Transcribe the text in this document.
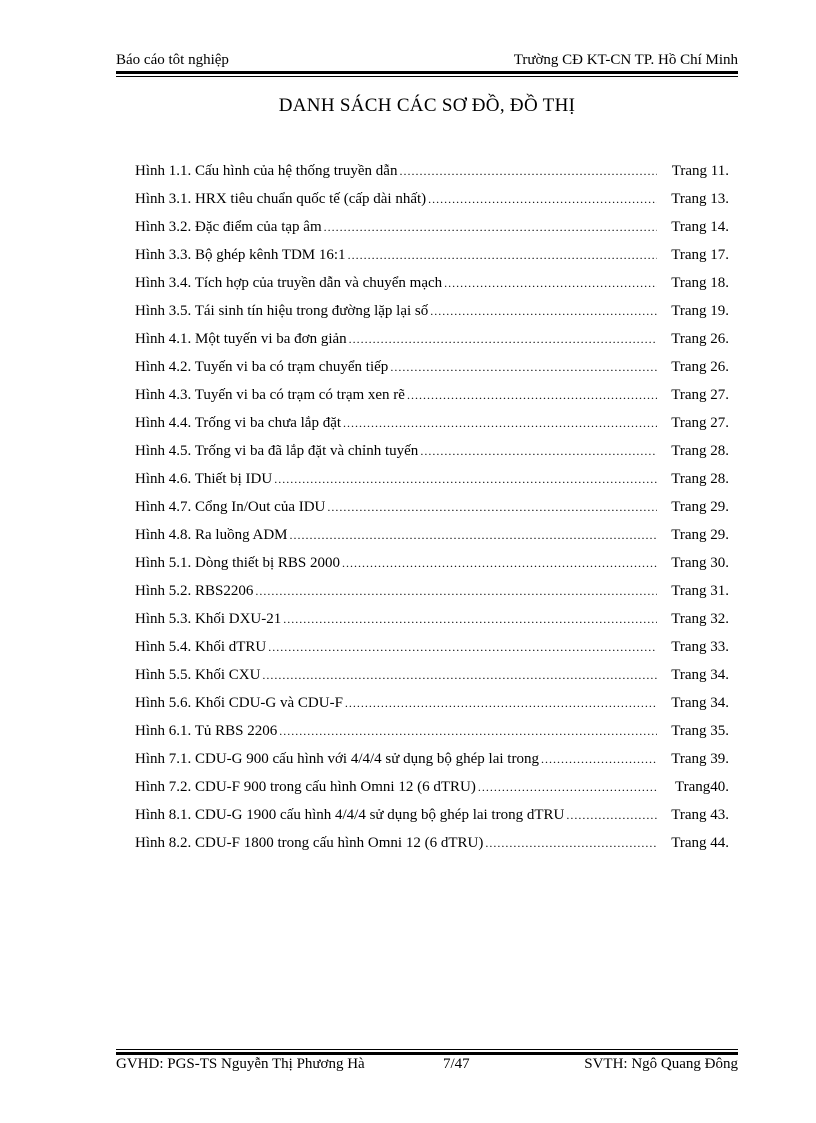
Báo cáo tôt nghiệp	Trường CĐ KT-CN TP. Hồ Chí Minh
DANH SÁCH CÁC SƠ ĐỒ, ĐỒ THỊ
Hình 1.1. Cấu hình của hệ thống truyền dẫn .....	Trang 11.
Hình 3.1. HRX tiêu chuẩn quốc tế (cấp dài nhất) .....	Trang 13.
Hình 3.2. Đặc điểm của tạp âm .....	Trang 14.
Hình 3.3. Bộ ghép kênh TDM 16:1 .....	Trang 17.
Hình 3.4. Tích hợp của truyền dẫn và chuyển mạch .....	Trang 18.
Hình 3.5. Tái sinh tín hiệu trong đường lặp lại số .....	Trang 19.
Hình 4.1. Một tuyến vi ba đơn giản .....	Trang 26.
Hình 4.2. Tuyến vi ba có trạm chuyển tiếp .....	Trang 26.
Hình 4.3. Tuyến vi ba có trạm có trạm xen rẽ .....	Trang 27.
Hình 4.4. Trống vi ba chưa lắp đặt .....	Trang 27.
Hình 4.5. Trống vi ba đã lắp đặt và chỉnh tuyến .....	Trang 28.
Hình 4.6. Thiết bị IDU .....	Trang 28.
Hình 4.7. Cổng In/Out của IDU .....	Trang 29.
Hình 4.8. Ra luồng ADM .....	Trang 29.
Hình 5.1. Dòng thiết bị RBS 2000 .....	Trang 30.
Hình 5.2. RBS2206 .....	Trang 31.
Hình 5.3. Khối DXU-21 .....	Trang 32.
Hình 5.4. Khối dTRU .....	Trang 33.
Hình 5.5. Khối CXU .....	Trang 34.
Hình 5.6. Khối CDU-G và CDU-F .....	Trang 34.
Hình 6.1. Tủ RBS 2206 .....	Trang 35.
Hình 7.1. CDU-G 900 cấu hình với 4/4/4 sử dụng bộ ghép lai trong .....	Trang 39.
Hình 7.2. CDU-F 900 trong cấu hình Omni 12 (6 dTRU) .....	Trang40.
Hình 8.1. CDU-G 1900 cấu hình 4/4/4 sử dụng bộ ghép lai trong dTRU .....	Trang 43.
Hình 8.2. CDU-F 1800 trong cấu hình Omni 12 (6 dTRU) .....	Trang 44.
GVHD: PGS-TS Nguyễn Thị Phương Hà	7/47	SVTH: Ngô Quang Đông
